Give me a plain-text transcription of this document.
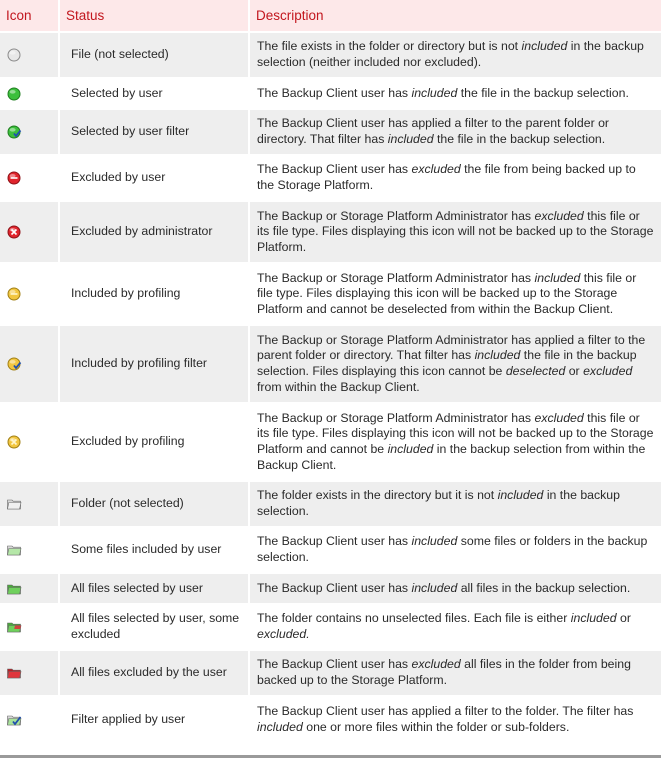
Icon	Status	Description
	File (not selected)	The file exists in the folder or directory but is not included in the backup selection (neither included nor excluded).
	Selected by user	The Backup Client user has included the file in the backup selection.
	Selected by user filter	The Backup Client user has applied a filter to the parent folder or directory. That filter has included the file in the backup selection.
	Excluded by user	The Backup Client user has excluded the file from being backed up to the Storage Platform.
	Excluded by administrator	The Backup or Storage Platform Administrator has excluded this file or its file type. Files displaying this icon will not be backed up to the Storage Platform.
	Included by profiling	The Backup or Storage Platform Administrator has included this file or file type. Files displaying this icon will be backed up to the Storage Platform and cannot be deselected from within the Backup Client.
	Included by profiling filter	The Backup or Storage Platform Administrator has applied a filter to the parent folder or directory. That filter has included the file in the backup selection. Files displaying this icon cannot be deselected or excluded from within the Backup Client.
	Excluded by profiling	The Backup or Storage Platform Administrator has excluded this file or its file type. Files displaying this icon will not be backed up to the Storage Platform and cannot be included in the backup selection from within the Backup Client.
	Folder (not selected)	The folder exists in the directory but it is not included in the backup selection.
	Some files included by user	The Backup Client user has included some files or folders in the backup selection.
	All files selected by user	The Backup Client user has included all files in the backup selection.
	All files selected by user, some excluded	The folder contains no unselected files. Each file is either included or excluded.
	All files excluded by the user	The Backup Client user has excluded all files in the folder from being backed up to the Storage Platform.
	Filter applied by user	The Backup Client user has applied a filter to the folder. The filter has included one or more files within the folder or sub-folders.
